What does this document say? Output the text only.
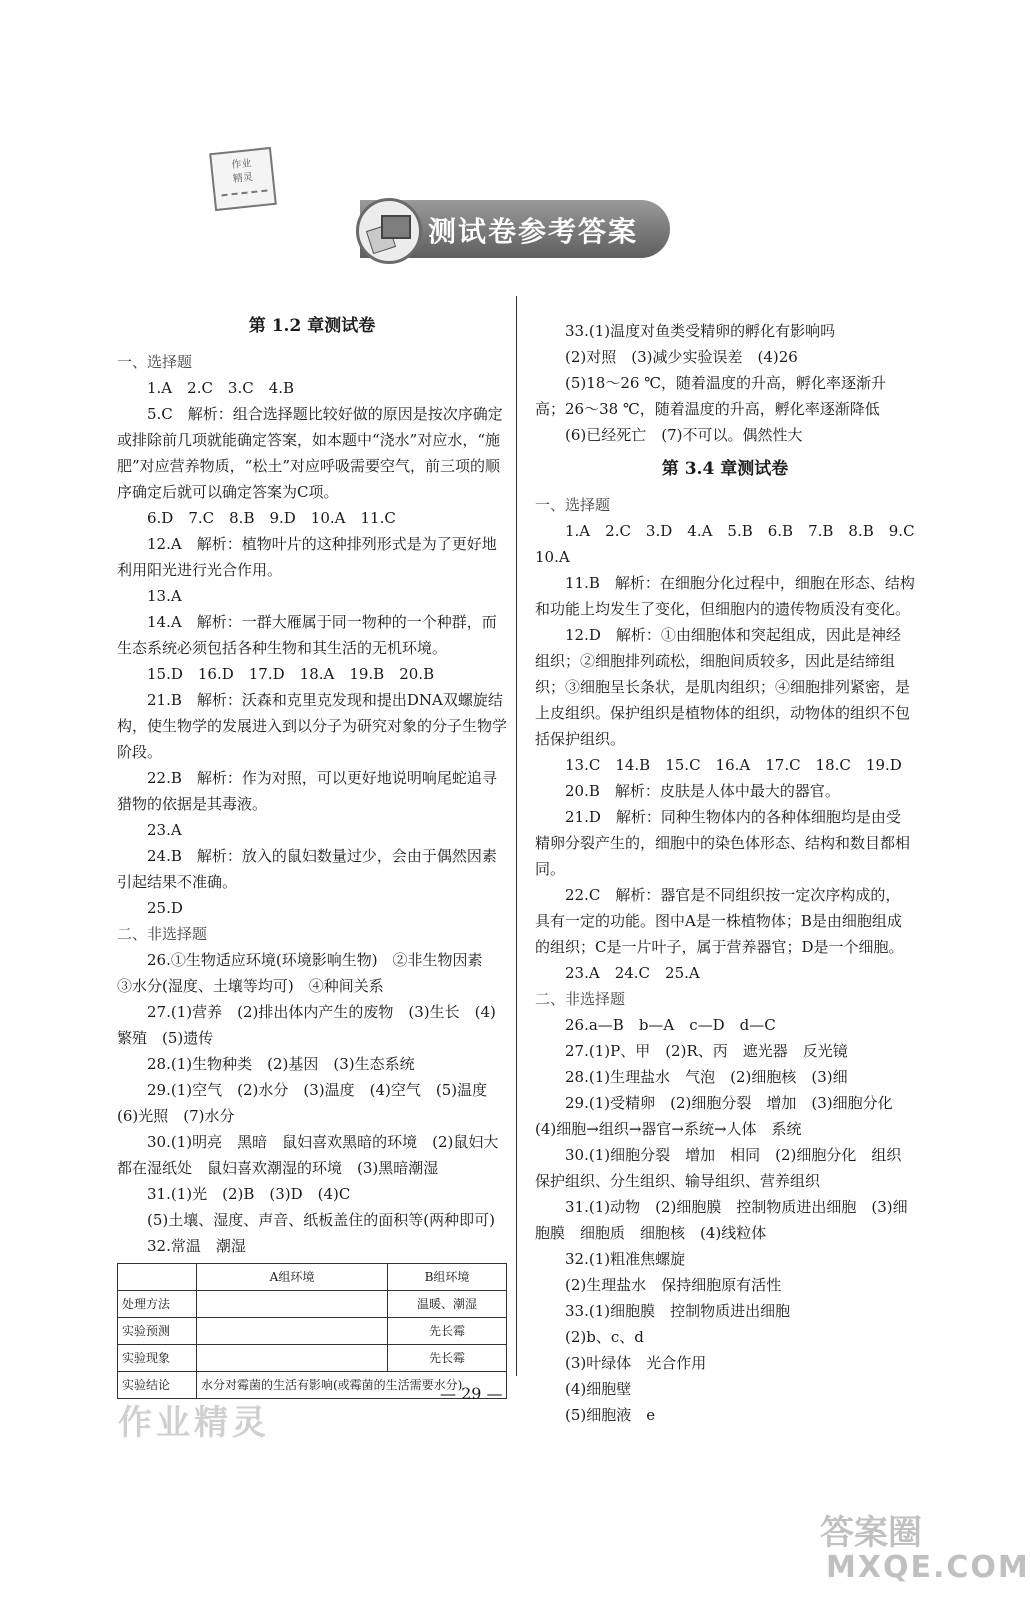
作业
精灵
测试卷参考答案
第 1.2 章测试卷

一、选择题

1.A　2.C　3.C　4.B

5.C　解析：组合选择题比较好做的原因是按次序确定或排除前几项就能确定答案，如本题中“浇水”对应水，“施肥”对应营养物质，“松土”对应呼吸需要空气，前三项的顺序确定后就可以确定答案为C项。

6.D　7.C　8.B　9.D　10.A　11.C

12.A　解析：植物叶片的这种排列形式是为了更好地利用阳光进行光合作用。

13.A

14.A　解析：一群大雁属于同一物种的一个种群，而生态系统必须包括各种生物和其生活的无机环境。

15.D　16.D　17.D　18.A　19.B　20.B

21.B　解析：沃森和克里克发现和提出DNA双螺旋结构，使生物学的发展进入到以分子为研究对象的分子生物学阶段。

22.B　解析：作为对照，可以更好地说明响尾蛇追寻猎物的依据是其毒液。

23.A

24.B　解析：放入的鼠妇数量过少，会由于偶然因素引起结果不准确。

25.D

二、非选择题

26.①生物适应环境(环境影响生物)　②非生物因素　③水分(湿度、土壤等均可)　④种间关系

27.(1)营养　(2)排出体内产生的废物　(3)生长　(4)繁殖　(5)遗传

28.(1)生物种类　(2)基因　(3)生态系统

29.(1)空气　(2)水分　(3)温度　(4)空气　(5)温度　(6)光照　(7)水分

30.(1)明亮　黑暗　鼠妇喜欢黑暗的环境　(2)鼠妇大都在湿纸处　鼠妇喜欢潮湿的环境　(3)黑暗潮湿

31.(1)光　(2)B　(3)D　(4)C

(5)土壤、湿度、声音、纸板盖住的面积等(两种即可)

32.常温　潮湿

	A组环境	B组环境
处理方法		温暖、潮湿
实验预测		先长霉
实验现象		先长霉
实验结论	水分对霉菌的生活有影响(或霉菌的生活需要水分)	

33.(1)温度对鱼类受精卵的孵化有影响吗

(2)对照　(3)减少实验误差　(4)26

(5)18～26 ℃，随着温度的升高，孵化率逐渐升高；26～38 ℃，随着温度的升高，孵化率逐渐降低

(6)已经死亡　(7)不可以。偶然性大

第 3.4 章测试卷

一、选择题

1.A　2.C　3.D　4.A　5.B　6.B　7.B　8.B　9.C　10.A

11.B　解析：在细胞分化过程中，细胞在形态、结构和功能上均发生了变化，但细胞内的遗传物质没有变化。

12.D　解析：①由细胞体和突起组成，因此是神经组织；②细胞排列疏松，细胞间质较多，因此是结缔组织；③细胞呈长条状，是肌肉组织；④细胞排列紧密，是上皮组织。保护组织是植物体的组织，动物体的组织不包括保护组织。

13.C　14.B　15.C　16.A　17.C　18.C　19.D

20.B　解析：皮肤是人体中最大的器官。

21.D　解析：同种生物体内的各种体细胞均是由受精卵分裂产生的，细胞中的染色体形态、结构和数目都相同。

22.C　解析：器官是不同组织按一定次序构成的，具有一定的功能。图中A是一株植物体；B是由细胞组成的组织；C是一片叶子，属于营养器官；D是一个细胞。

23.A　24.C　25.A

二、非选择题

26.a—B　b—A　c—D　d—C

27.(1)P、甲　(2)R、丙　遮光器　反光镜

28.(1)生理盐水　气泡　(2)细胞核　(3)细

29.(1)受精卵　(2)细胞分裂　增加　(3)细胞分化　(4)细胞→组织→器官→系统→人体　系统

30.(1)细胞分裂　增加　相同　(2)细胞分化　组织　保护组织、分生组织、输导组织、营养组织

31.(1)动物　(2)细胞膜　控制物质进出细胞　(3)细胞膜　细胞质　细胞核　(4)线粒体

32.(1)粗准焦螺旋

(2)生理盐水　保持细胞原有活性

33.(1)细胞膜　控制物质进出细胞

(2)b、c、d

(3)叶绿体　光合作用

(4)细胞壁

(5)细胞液　e

— 29 —
作业精灵
答案圈
MXQE.COM
